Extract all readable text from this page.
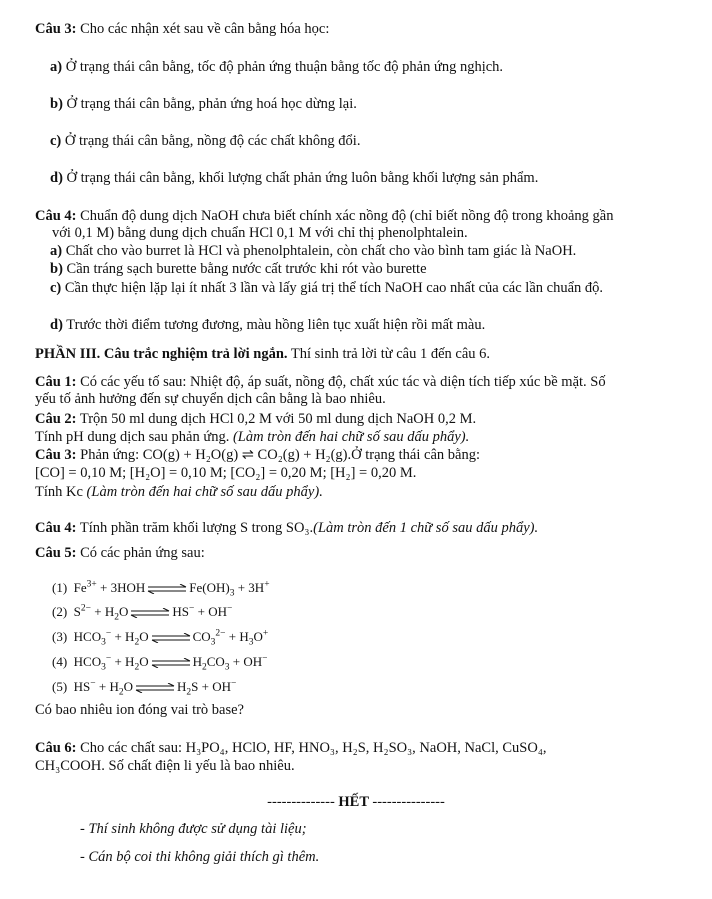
Câu 3: Cho các nhận xét sau về cân bằng hóa học:
a) Ở trạng thái cân bằng, tốc độ phản ứng thuận bằng tốc độ phản ứng nghịch.
b) Ở trạng thái cân bằng, phản ứng hoá học dừng lại.
c) Ở trạng thái cân bằng, nồng độ các chất không đổi.
d) Ở trạng thái cân bằng, khối lượng chất phản ứng luôn bằng khối lượng sản phẩm.
Câu 4: Chuẩn độ dung dịch NaOH chưa biết chính xác nồng độ (chỉ biết nồng độ trong khoảng gần
với 0,1 M) bằng dung dịch chuẩn HCl 0,1 M với chỉ thị phenolphtalein.
a) Chất cho vào burret là HCl và phenolphtalein, còn chất cho vào bình tam giác là NaOH.
b) Cần tráng sạch burette bằng nước cất trước khi rót vào burette
c) Cần thực hiện lặp lại ít nhất 3 lần và lấy giá trị thể tích NaOH cao nhất của các lần chuẩn độ.
d) Trước thời điểm tương đương, màu hồng liên tục xuất hiện rồi mất màu.
PHẦN III. Câu trắc nghiệm trả lời ngắn. Thí sinh trả lời từ câu 1 đến câu 6.
Câu 1: Có các yếu tố sau: Nhiệt độ, áp suất, nồng độ, chất xúc tác và diện tích tiếp xúc bề mặt. Số
yếu tố ảnh hưởng đến sự chuyển dịch cân bằng là bao nhiêu.
Câu 2: Trộn 50 ml dung dịch HCl 0,2 M với 50 ml dung dịch NaOH 0,2 M.
Tính pH dung dịch sau phản ứng. (Làm tròn đến hai chữ số sau dấu phẩy).
Câu 3: Phản ứng: CO(g) + H₂O(g) ⇌ CO₂(g) + H₂(g).Ở trạng thái cân bằng:
[CO] = 0,10 M; [H₂O] = 0,10 M; [CO₂] = 0,20 M; [H₂] = 0,20 M.
Tính Kc (Làm tròn đến hai chữ số sau dấu phẩy).
Câu 4: Tính phần trăm khối lượng S trong SO₃.(Làm tròn đến 1 chữ số sau dấu phẩy).
Câu 5: Có các phản ứng sau:
(1)  $Fe^{3+} + 3HOH$ ⇌ $Fe(OH)_3 + 3H^+$
(2)  $S^{2-} + H_2O$ ⇌ HS− + OH−
(3)  $HCO_3^- + H_2O$ ⇌ $CO_3^{2-} + H_3O^+$
(4)  $HCO_3^- + H_2O$ ⇌ $H_2CO_3 + OH^-$
(5)  $HS^- + H_2O$ ⇌ $H_2S + OH^-$
Có bao nhiêu ion đóng vai trò base?
Câu 6: Cho các chất sau: H₃PO₄, HClO, HF, HNO₃, H₂S, H₂SO₃, NaOH, NaCl, CuSO₄,
CH₃COOH. Số chất điện li yếu là bao nhiêu.
-------------- HẾT ---------------
- Thí sinh không được sử dụng tài liệu;
- Cán bộ coi thi không giải thích gì thêm.
